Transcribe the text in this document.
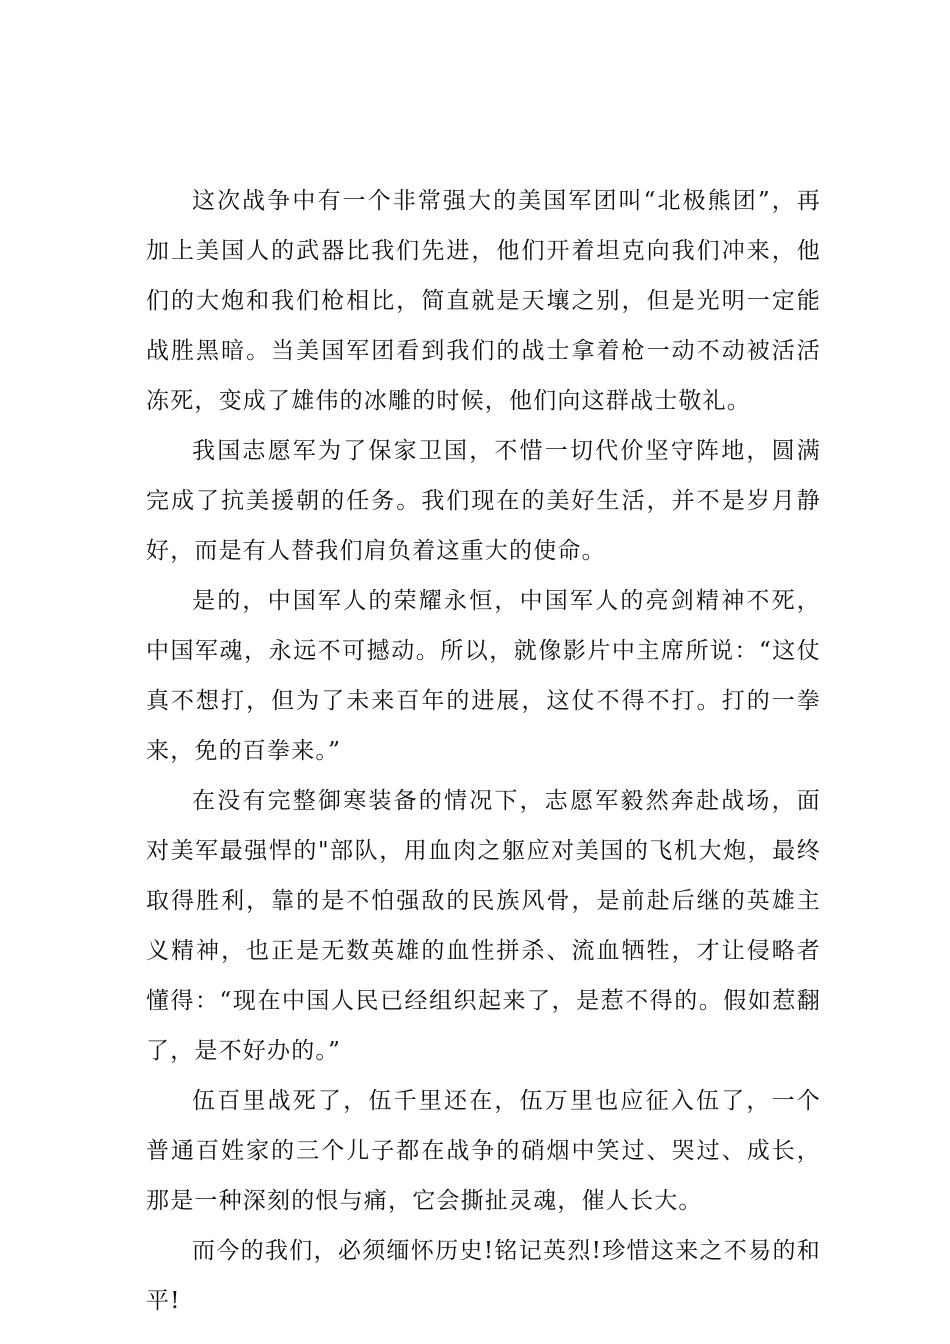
这次战争中有一个非常强大的美国军团叫“北极熊团”，再加上美国人的武器比我们先进，他们开着坦克向我们冲来，他们的大炮和我们枪相比，简直就是天壤之别，但是光明一定能战胜黑暗。当美国军团看到我们的战士拿着枪一动不动被活活冻死，变成了雄伟的冰雕的时候，他们向这群战士敬礼。

我国志愿军为了保家卫国，不惜一切代价坚守阵地，圆满完成了抗美援朝的任务。我们现在的美好生活，并不是岁月静好，而是有人替我们肩负着这重大的使命。

是的，中国军人的荣耀永恒，中国军人的亮剑精神不死，中国军魂，永远不可撼动。所以，就像影片中主席所说：“这仗真不想打，但为了未来百年的进展，这仗不得不打。打的一拳来，免的百拳来。”

在没有完整御寒装备的情况下，志愿军毅然奔赴战场，面对美军最强悍的"部队，用血肉之躯应对美国的飞机大炮，最终取得胜利，靠的是不怕强敌的民族风骨，是前赴后继的英雄主义精神，也正是无数英雄的血性拼杀、流血牺牲，才让侵略者懂得：“现在中国人民已经组织起来了，是惹不得的。假如惹翻了，是不好办的。”

伍百里战死了，伍千里还在，伍万里也应征入伍了，一个普通百姓家的三个儿子都在战争的硝烟中笑过、哭过、成长，那是一种深刻的恨与痛，它会撕扯灵魂，催人长大。

而今的我们，必须缅怀历史!铭记英烈!珍惜这来之不易的和平!
